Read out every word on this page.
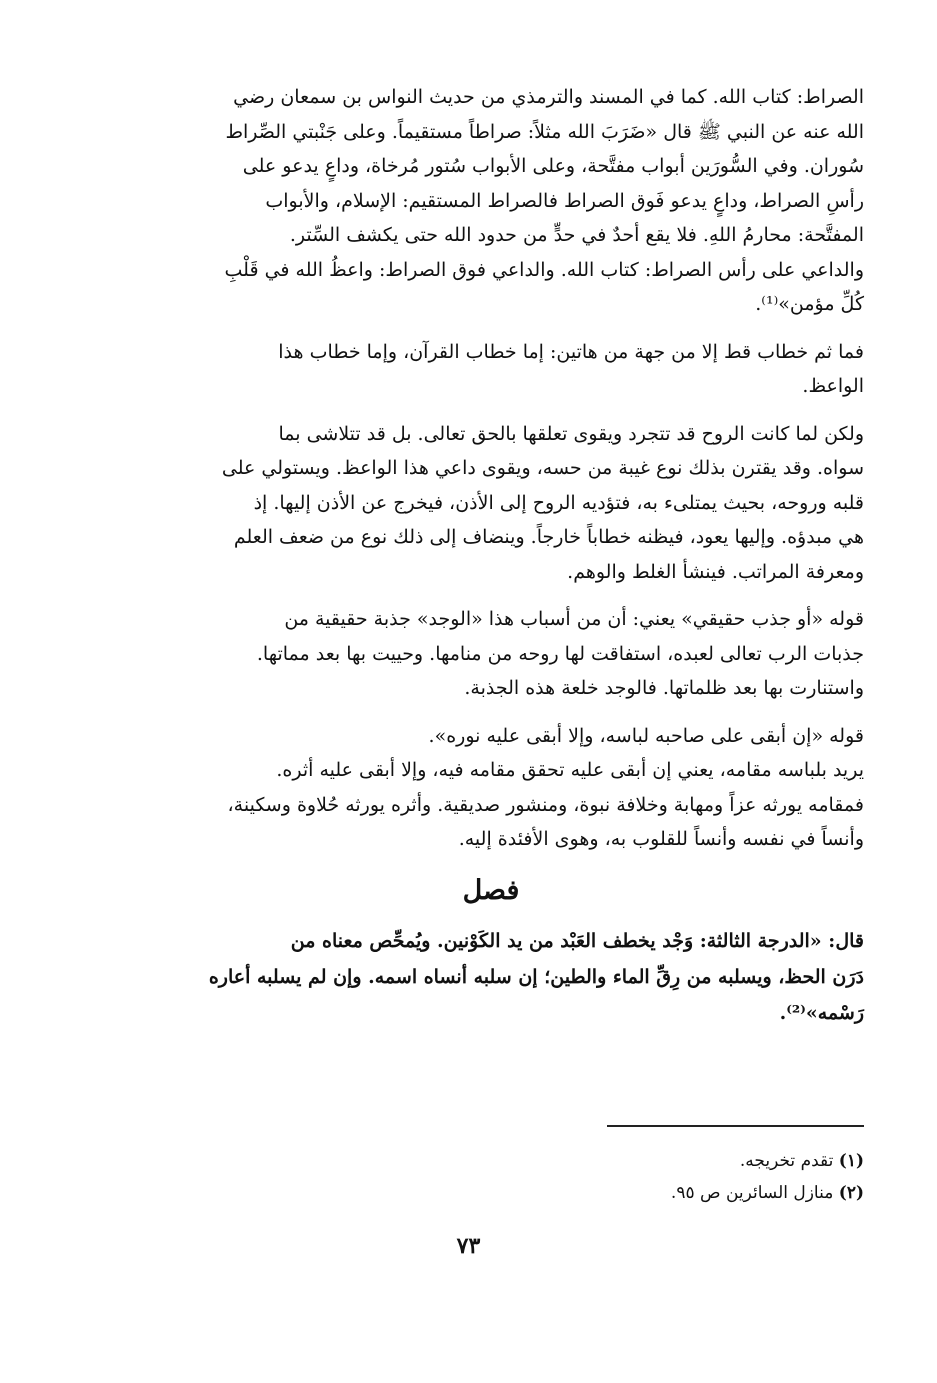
الصراط: كتاب الله. كما في المسند والترمذي من حديث النواس بن سمعان رضي
الله عنه عن النبي ﷺ قال «ضَرَبَ الله مثلاً: صراطاً مستقيماً. وعلى جَنْبتي الصِّراط
سُوران. وفي السُّورَين أبواب مفتَّحة، وعلى الأبواب سُتور مُرخاة، وداعٍ يدعو على
رأسِ الصراط، وداعٍ يدعو فَوق الصراط فالصراط المستقيم: الإسلام، والأبواب
المفتَّحة: محارمُ اللهِ. فلا يقع أحدٌ في حدٍّ من حدود الله حتى يكشف السِّتر.
والداعي على رأس الصراط: كتاب الله. والداعي فوق الصراط: واعظُ الله في قَلْبِ
كُلِّ مؤمن»⁽¹⁾.
فما ثم خطاب قط إلا من جهة من هاتين: إما خطاب القرآن، وإما خطاب هذا
الواعظ.
ولكن لما كانت الروح قد تتجرد ويقوى تعلقها بالحق تعالى. بل قد تتلاشى بما
سواه. وقد يقترن بذلك نوع غيبة من حسه، ويقوى داعي هذا الواعظ. ويستولي على
قلبه وروحه، بحيث يمتلىء به، فتؤديه الروح إلى الأذن، فيخرج عن الأذن إليها. إذ
هي مبدؤه. وإليها يعود، فيظنه خطاباً خارجاً. وينضاف إلى ذلك نوع من ضعف العلم
ومعرفة المراتب. فينشأ الغلط والوهم.
قوله «أو جذب حقيقي» يعني: أن من أسباب هذا «الوجد» جذبة حقيقية من
جذبات الرب تعالى لعبده، استفاقت لها روحه من منامها. وحييت بها بعد مماتها.
واستنارت بها بعد ظلماتها. فالوجد خلعة هذه الجذبة.
قوله «إن أبقى على صاحبه لباسه، وإلا أبقى عليه نوره».
يريد بلباسه مقامه، يعني إن أبقى عليه تحقق مقامه فيه، وإلا أبقى عليه أثره.
فمقامه يورثه عزاً ومهابة وخلافة نبوة، ومنشور صديقية. وأثره يورثه حُلاوة وسكينة،
وأنساً في نفسه وأنساً للقلوب به، وهوى الأفئدة إليه.
فصل
قال: «الدرجة الثالثة: وَجْد يخطف العَبْد من يد الكَوْنين. ويُمحِّص معناه من
دَرَن الحظ، ويسلبه من رِقِّ الماء والطين؛ إن سلبه أنساه اسمه. وإن لم يسلبه أعاره
رَسْمه»⁽²⁾.
(١) تقدم تخريجه.
(٢) منازل السائرين ص ٩٥.
٧٣
